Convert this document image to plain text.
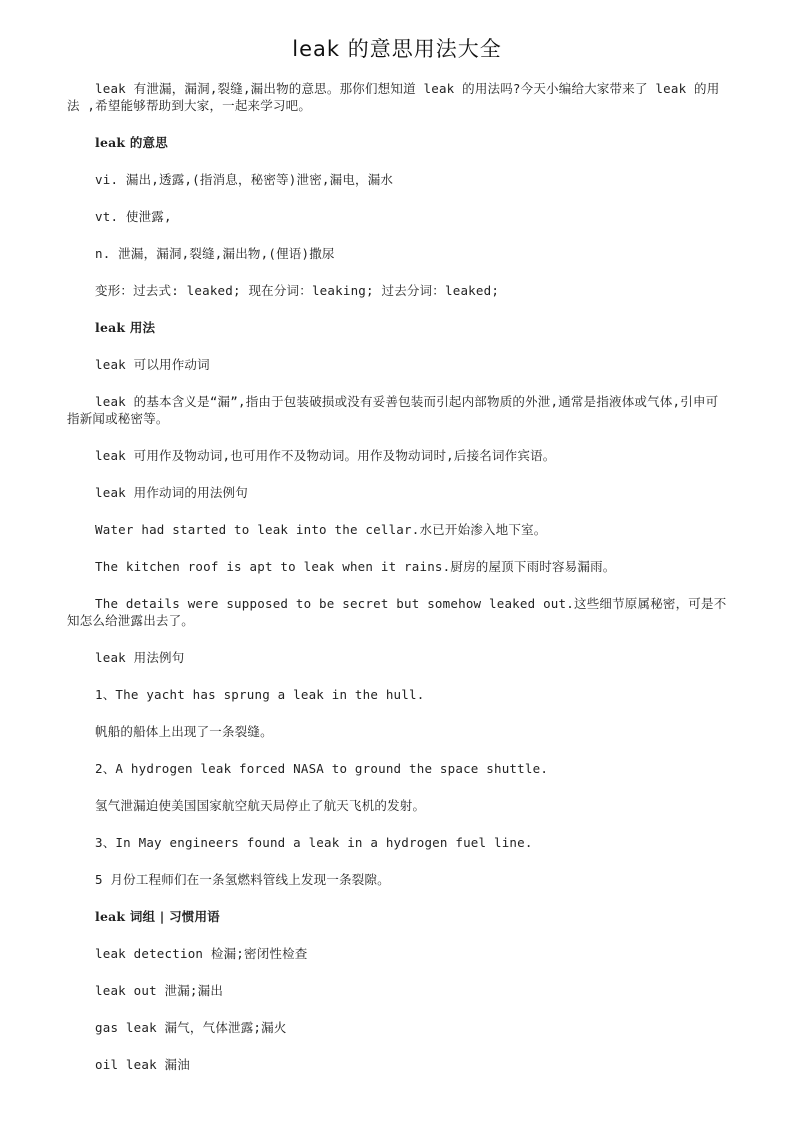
leak 的意思用法大全

leak 有泄漏，漏洞,裂缝,漏出物的意思。那你们想知道 leak 的用法吗?今天小编给大家带来了 leak 的用法 ,希望能够帮助到大家，一起来学习吧。

leak 的意思

vi. 漏出,透露,(指消息，秘密等)泄密,漏电，漏水

vt. 使泄露,

n. 泄漏，漏洞,裂缝,漏出物,(俚语)撒尿

变形：过去式: leaked; 现在分词：leaking; 过去分词：leaked;

leak 用法

leak 可以用作动词

leak 的基本含义是“漏”,指由于包装破损或没有妥善包装而引起内部物质的外泄,通常是指液体或气体,引申可指新闻或秘密等。

leak 可用作及物动词,也可用作不及物动词。用作及物动词时,后接名词作宾语。

leak 用作动词的用法例句

Water had started to leak into the cellar.水已开始渗入地下室。

The kitchen roof is apt to leak when it rains.厨房的屋顶下雨时容易漏雨。

The details were supposed to be secret but somehow leaked out.这些细节原属秘密，可是不知怎么给泄露出去了。

leak 用法例句

1、The yacht has sprung a leak in the hull.

帆船的船体上出现了一条裂缝。

2、A hydrogen leak forced NASA to ground the space shuttle.

氢气泄漏迫使美国国家航空航天局停止了航天飞机的发射。

3、In May engineers found a leak in a hydrogen fuel line.

5 月份工程师们在一条氢燃料管线上发现一条裂隙。

leak 词组 | 习惯用语

leak detection 检漏;密闭性检查

leak out 泄漏;漏出

gas leak 漏气，气体泄露;漏火

oil leak 漏油
